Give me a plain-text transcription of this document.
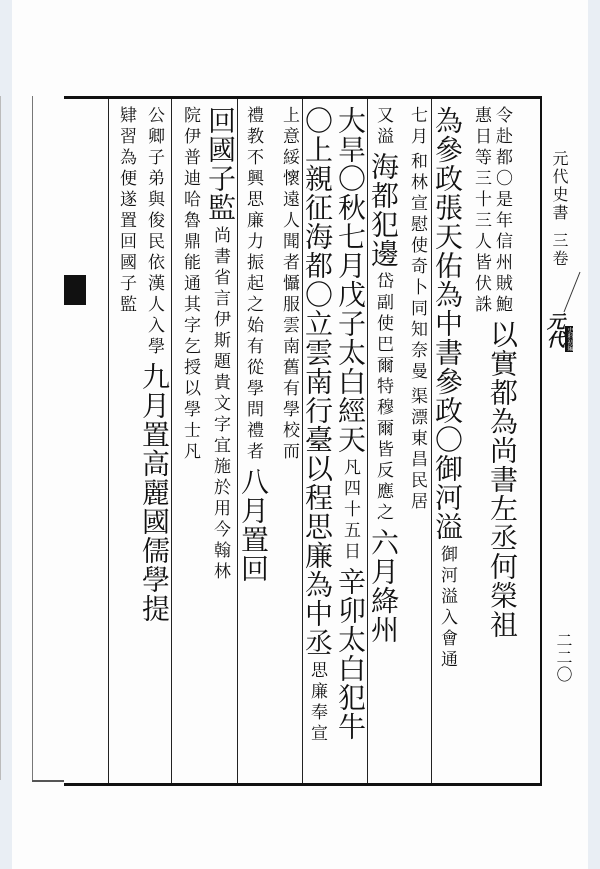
令赴都〇是年信州賊鮑以實都為尚書左丞何榮祖
惠日等三十三人皆伏誅
為參政張天佑為中書參政〇御河溢御河溢入會通
七月和林宣慰使奇卜同知奈曼渠漂東昌民居
又溢海都犯邊岱副使巴爾特穆爾皆反應之六月絳州
大旱〇秋七月戊子太白經天凡四十五日辛卯太白犯牛
〇上親征海都〇立雲南行臺以程思廉為中丞思廉奉宣
上意綏懷遠人聞者懾服雲南舊有學校而
禮教不興思廉力振起之始有從學問禮者八月置回
回國子監尚書省言伊斯題貴文字宜施於用今翰林
院伊普迪哈魯鼎能通其字乞授以學士凡
公卿子弟與俊民依漢人入學九月置高麗國儒學提
肄習為便遂置回國子監	元代史書
三卷
元代 史料初編
二二〇
